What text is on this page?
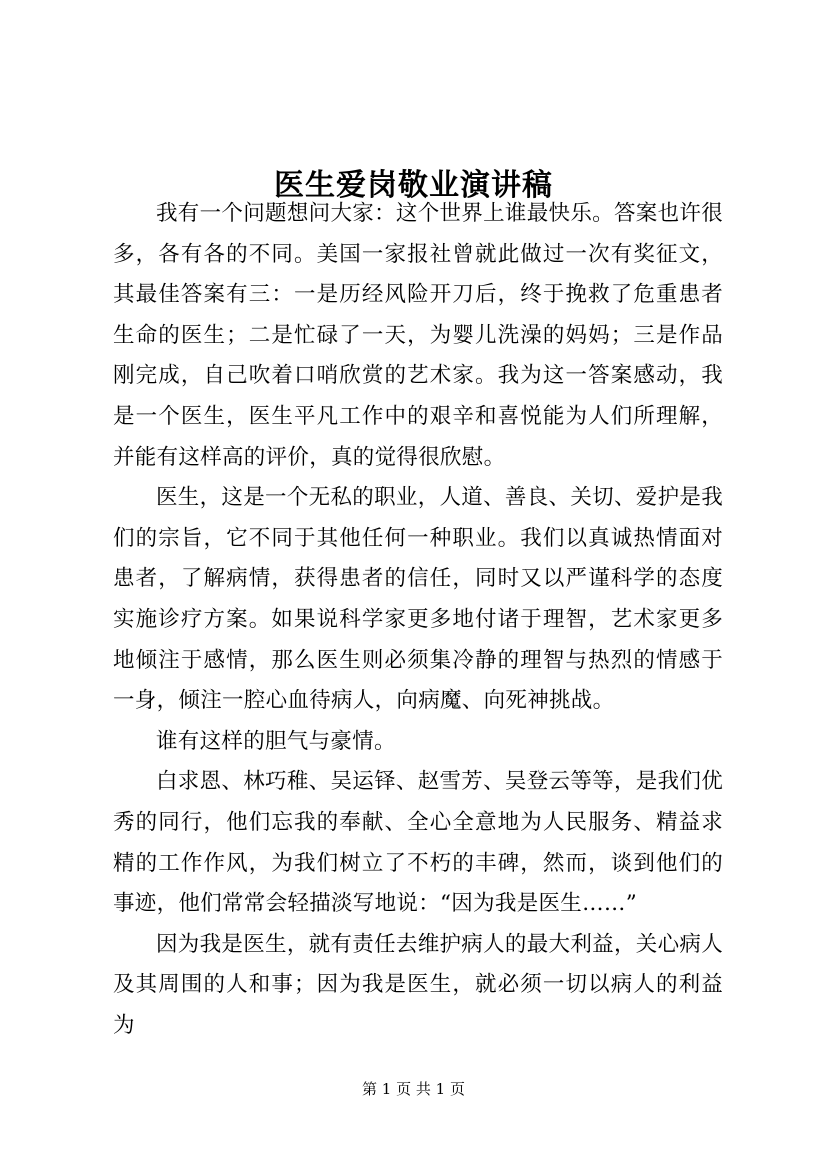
医生爱岗敬业演讲稿

我有一个问题想问大家：这个世界上谁最快乐。答案也许很多，各有各的不同。美国一家报社曾就此做过一次有奖征文，其最佳答案有三：一是历经风险开刀后，终于挽救了危重患者生命的医生；二是忙碌了一天，为婴儿洗澡的妈妈；三是作品刚完成，自己吹着口哨欣赏的艺术家。我为这一答案感动，我是一个医生，医生平凡工作中的艰辛和喜悦能为人们所理解，并能有这样高的评价，真的觉得很欣慰。

医生，这是一个无私的职业，人道、善良、关切、爱护是我们的宗旨，它不同于其他任何一种职业。我们以真诚热情面对患者，了解病情，获得患者的信任，同时又以严谨科学的态度实施诊疗方案。如果说科学家更多地付诸于理智，艺术家更多地倾注于感情，那么医生则必须集冷静的理智与热烈的情感于一身，倾注一腔心血待病人，向病魔、向死神挑战。

谁有这样的胆气与豪情。

白求恩、林巧稚、吴运铎、赵雪芳、吴登云等等，是我们优秀的同行，他们忘我的奉献、全心全意地为人民服务、精益求精的工作作风，为我们树立了不朽的丰碑，然而，谈到他们的事迹，他们常常会轻描淡写地说：“因为我是医生……”

因为我是医生，就有责任去维护病人的最大利益，关心病人及其周围的人和事；因为我是医生，就必须一切以病人的利益为

第 1 页 共 1 页
